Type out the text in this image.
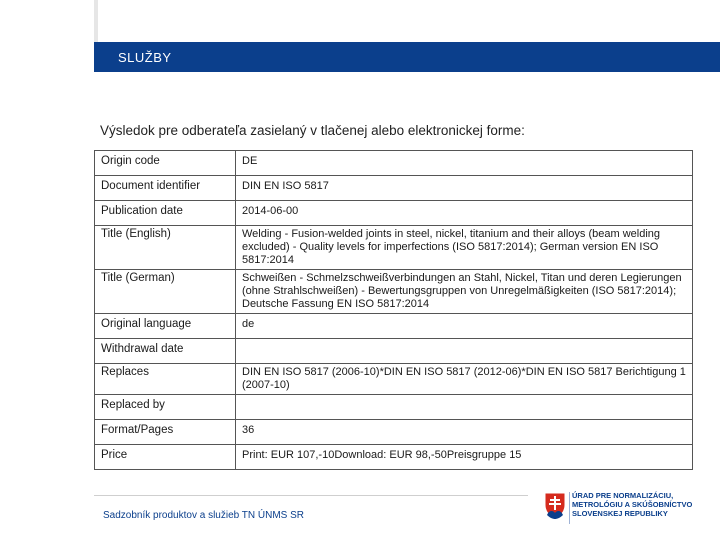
SLUŽBY
Výsledok pre odberateľa zasielaný v tlačenej alebo elektronickej forme:
Origin code	DE
Document identifier	DIN EN ISO 5817
Publication date	2014-06-00
Title (English)	Welding - Fusion-welded joints in steel, nickel, titanium and their alloys (beam welding excluded) - Quality levels for imperfections (ISO 5817:2014); German version EN ISO 5817:2014
Title (German)	Schweißen - Schmelzschweißverbindungen an Stahl, Nickel, Titan und deren Legierungen (ohne Strahlschweißen) - Bewertungsgruppen von Unregelmäßigkeiten (ISO 5817:2014); Deutsche Fassung EN ISO 5817:2014
Original language	de
Withdrawal date	
Replaces	DIN EN ISO 5817 (2006-10)*DIN EN ISO 5817 (2012-06)*DIN EN ISO 5817 Berichtigung 1 (2007-10)
Replaced by	
Format/Pages	36
Price	Print: EUR 107,-10Download: EUR 98,-50Preisgruppe 15
Sadzobník produktov a služieb TN ÚNMS SR
ÚRAD PRE NORMALIZÁCIU,
METROLÓGIU A SKÚŠOBNÍCTVO
SLOVENSKEJ REPUBLIKY
